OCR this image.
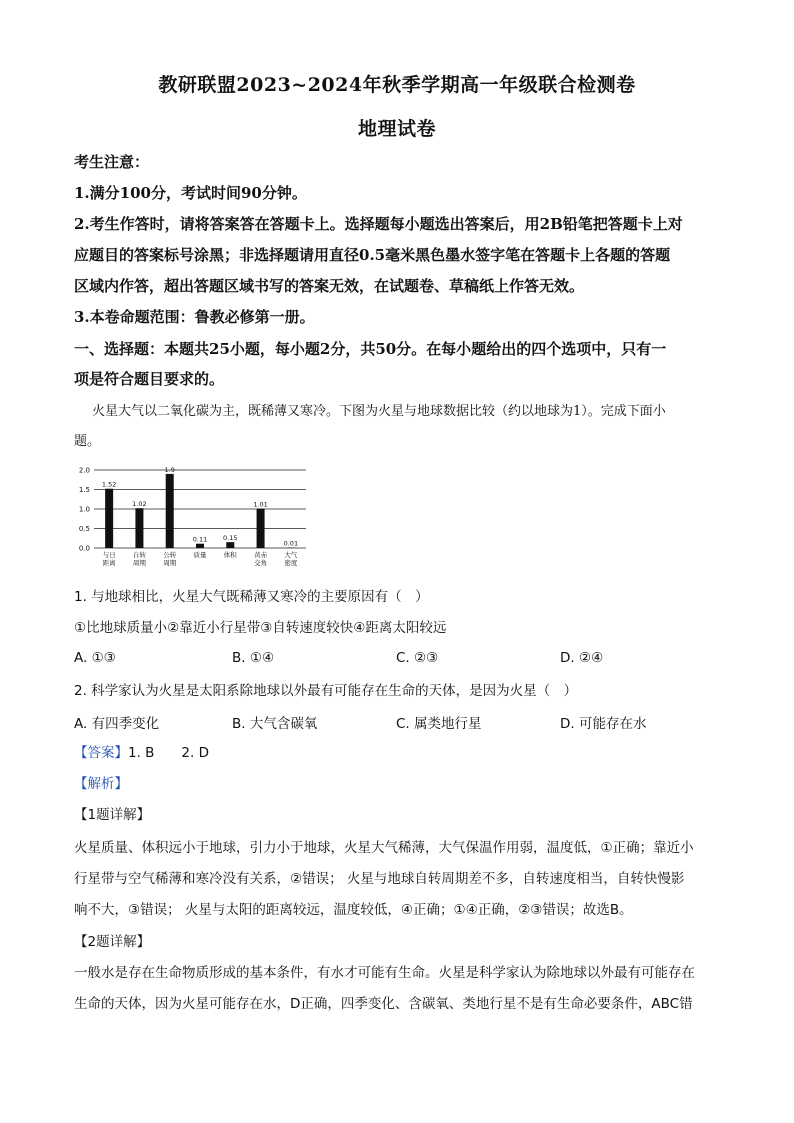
教研联盟2023~2024年秋季学期高一年级联合检测卷
地理试卷
考生注意：
1.满分100分，考试时间90分钟。
2.考生作答时，请将答案答在答题卡上。选择题每小题选出答案后，用2B铅笔把答题卡上对
应题目的答案标号涂黑；非选择题请用直径0.5毫米黑色墨水签字笔在答题卡上各题的答题
区域内作答，超出答题区域书写的答案无效，在试题卷、草稿纸上作答无效。
3.本卷命题范围：鲁教必修第一册。
一、选择题：本题共25小题，每小题2分，共50分。在每小题给出的四个选项中，只有一
项是符合题目要求的。
火星大气以二氧化碳为主，既稀薄又寒冷。下图为火星与地球数据比较（约以地球为1）。完成下面小
题。
0.0
0.5
1.0
1.5
2.0
1.52
与日
距离
1.02
自转
周期
1.9
公转
周期
0.11
质量
0.15
体积
1.01
黄赤
交角
0.01
大气
密度
1. 与地球相比，火星大气既稀薄又寒冷的主要原因有（　）
①比地球质量小②靠近小行星带③自转速度较快④距离太阳较远
A. ①③	B. ①④	C. ②③	D. ②④
2. 科学家认为火星是太阳系除地球以外最有可能存在生命的天体，是因为火星（　）
A. 有四季变化	B. 大气含碳氧	C. 属类地行星	D. 可能存在水
【答案】1. B　　2. D
【解析】
【1题详解】
火星质量、体积远小于地球，引力小于地球，火星大气稀薄，大气保温作用弱，温度低，①正确；靠近小
行星带与空气稀薄和寒冷没有关系，②错误； 火星与地球自转周期差不多，自转速度相当，自转快慢影
响不大，③错误； 火星与太阳的距离较远，温度较低，④正确；①④正确，②③错误；故选B。
【2题详解】
一般水是存在生命物质形成的基本条件，有水才可能有生命。火星是科学家认为除地球以外最有可能存在
生命的天体，因为火星可能存在水，D正确，四季变化、含碳氧、类地行星不是有生命必要条件，ABC错
